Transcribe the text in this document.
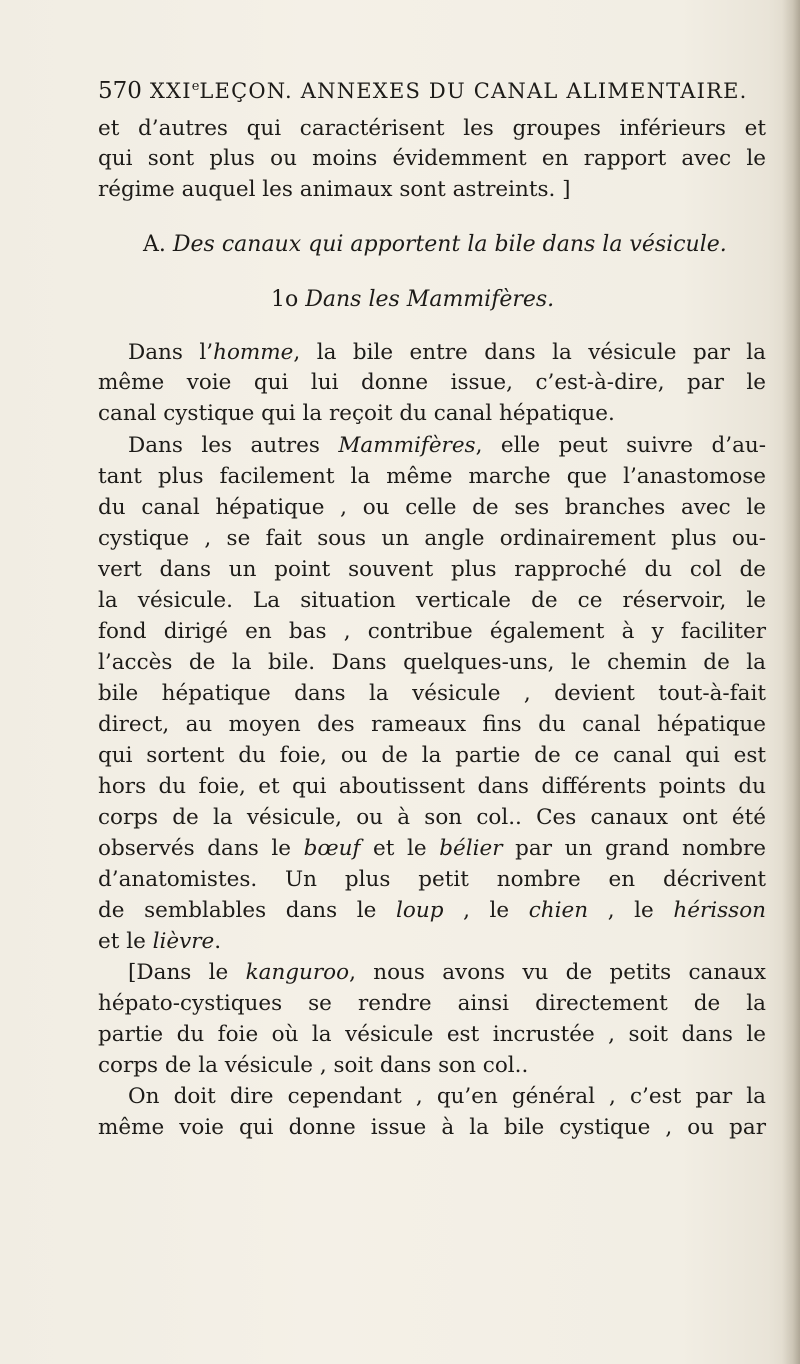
570 XXIeLEÇON. ANNEXES DU CANAL ALIMENTAIRE.
et d’autres qui caractérisent les groupes inférieurs et
qui sont plus ou moins évidemment en rapport avec le
régime auquel les animaux sont astreints. ]
A. Des canaux qui apportent la bile dans la vésicule.
1o Dans les Mammifères.
Dans l’homme, la bile entre dans la vésicule par la
même voie qui lui donne issue, c’est-à-dire, par le
canal cystique qui la reçoit du canal hépatique.
Dans les autres Mammifères, elle peut suivre d’au-
tant plus facilement la même marche que l’anastomose
du canal hépatique , ou celle de ses branches avec le
cystique , se fait sous un angle ordinairement plus ou-
vert dans un point souvent plus rapproché du col de
la vésicule. La situation verticale de ce réservoir, le
fond dirigé en bas , contribue également à y faciliter
l’accès de la bile. Dans quelques-uns, le chemin de la
bile hépatique dans la vésicule , devient tout-à-fait
direct, au moyen des rameaux fins du canal hépatique
qui sortent du foie, ou de la partie de ce canal qui est
hors du foie, et qui aboutissent dans différents points du
corps de la vésicule, ou à son col.. Ces canaux ont été
observés dans le bœuf et le bélier par un grand nombre
d’anatomistes. Un plus petit nombre en décrivent
de semblables dans le loup , le chien , le hérisson
et le lièvre.
[Dans le kanguroo, nous avons vu de petits canaux
hépato-cystiques se rendre ainsi directement de la
partie du foie où la vésicule est incrustée , soit dans le
corps de la vésicule , soit dans son col..
On doit dire cependant , qu’en général , c’est par la
même voie qui donne issue à la bile cystique , ou par
